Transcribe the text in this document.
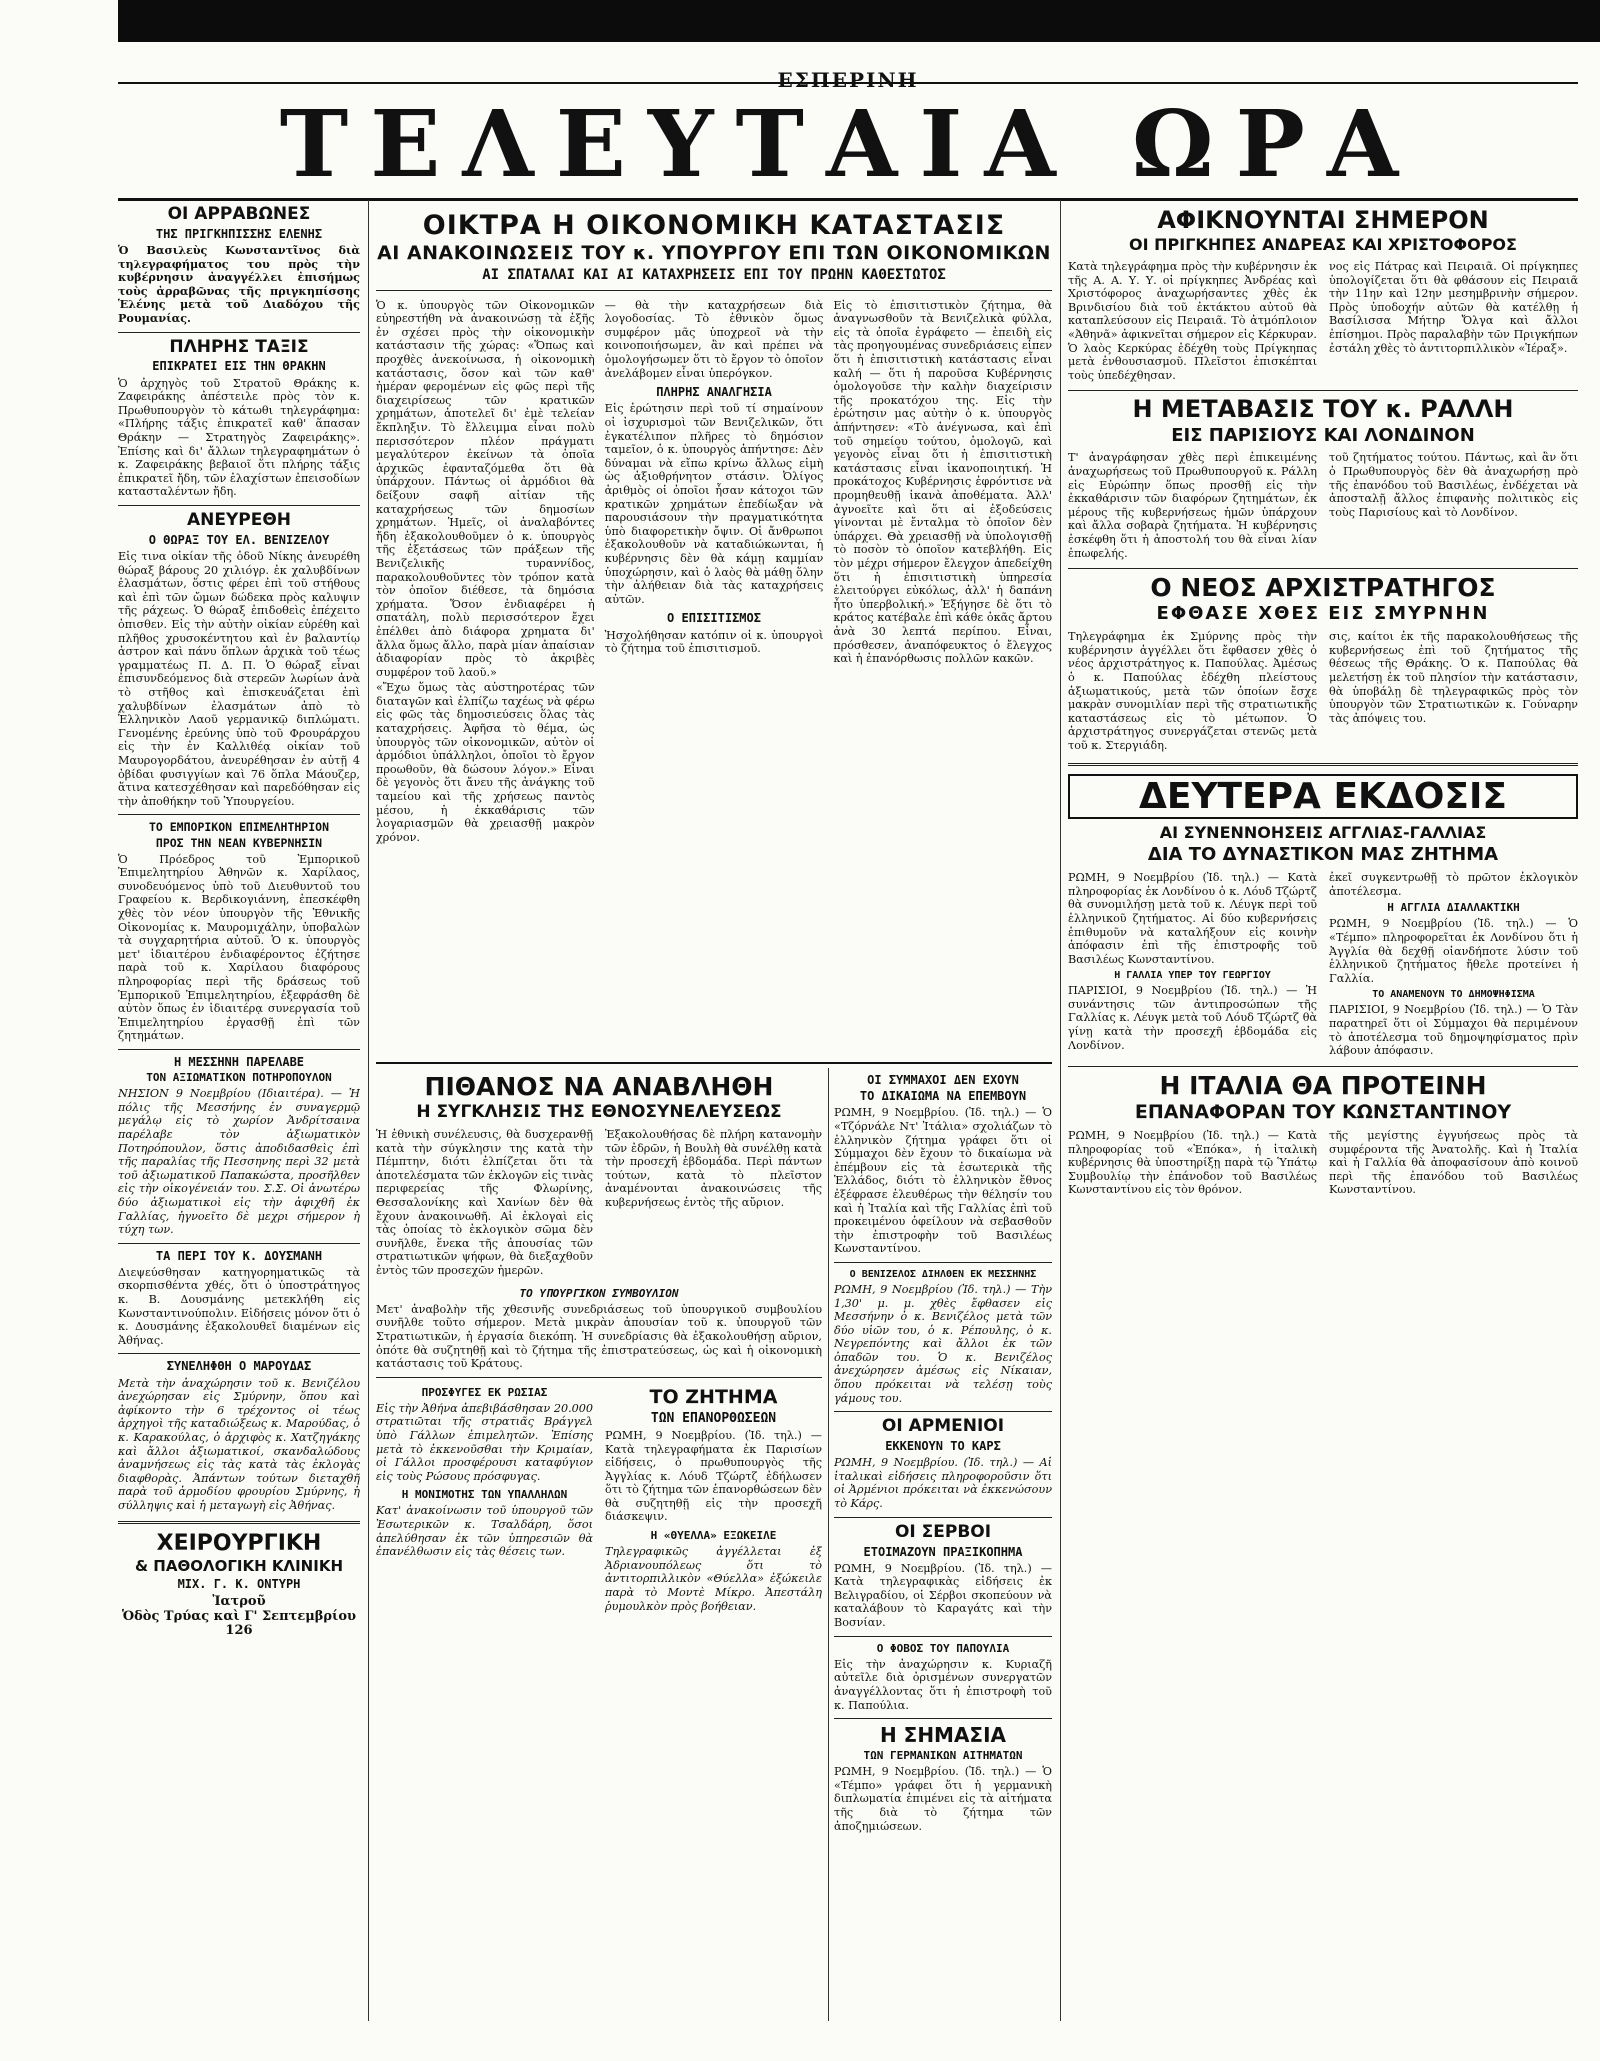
ΕΣΠΕΡΙΝΗ
ΤΕΛΕΥΤΑΙΑ ΩΡΑ
ΟΙ ΑΡΡΑΒΩΝΕΣ
ΤΗΣ ΠΡΙΓΚΗΠΙΣΣΗΣ ΕΛΕΝΗΣ
Ὁ Βασιλεὺς Κωνσταντῖνος διὰ τηλεγραφήματος του πρὸς τὴν κυβέρνησιν ἀναγγέλλει ἐπισήμως τοὺς ἀρραβῶνας τῆς πριγκηπίσσης Ἑλένης μετὰ τοῦ Διαδόχου τῆς Ρουμανίας.
ΠΛΗΡΗΣ ΤΑΞΙΣ
ΕΠΙΚΡΑΤΕΙ ΕΙΣ ΤΗΝ ΘΡΑΚΗΝ
Ὁ ἀρχηγὸς τοῦ Στρατοῦ Θράκης κ. Ζαφειράκης ἀπέστειλε πρὸς τὸν κ. Πρωθυπουργὸν τὸ κάτωθι τηλεγράφημα: «Πλήρης τάξις ἐπικρατεῖ καθ' ἅπασαν Θράκην — Στρατηγὸς Ζαφειράκης». Ἐπίσης καὶ δι' ἄλλων τηλεγραφημάτων ὁ κ. Ζαφειράκης βεβαιοῖ ὅτι πλήρης τάξις ἐπικρατεῖ ἤδη, τῶν ἐλαχίστων ἐπεισοδίων κατασταλέντων ἤδη.
ΑΝΕΥΡΕΘΗ
Ο ΘΩΡΑΞ ΤΟΥ ΕΛ. ΒΕΝΙΖΕΛΟΥ
Εἰς τινα οἰκίαν τῆς ὁδοῦ Νίκης ἀνευρέθη θώραξ βάρους 20 χιλιόγρ. ἐκ χαλυβδίνων ἐλασμάτων, ὅστις φέρει ἐπὶ τοῦ στήθους καὶ ἐπὶ τῶν ὤμων δώδεκα πρὸς καλυψιν τῆς ράχεως. Ὁ θώραξ ἐπιδοθεὶς ἐπέχειτο ὁπισθεν. Εἰς τὴν αὐτὴν οἰκίαν εὑρέθη καὶ πλῆθος χρυσοκέντητου καὶ ἐν βαλαντίῳ ἁστρον καὶ πάνυ ὅπλων ἀρχικὰ τοῦ τέως γραμματέως Π. Δ. Π. Ὁ θώραξ εἶναι ἐπισυνδεόμενος διὰ στερεῶν λωρίων ἀνὰ τὸ στῆθος καὶ ἐπισκευάζεται ἐπὶ χαλυβδίνων ἐλασμάτων ἀπὸ τὸ Ἑλληνικὸν Λαοῦ γερμανικῷ διπλώματι. Γενομένης ἐρεύνης ὑπὸ τοῦ Φρουράρχου εἰς τὴν ἐν Καλλιθέᾳ οἰκίαν τοῦ Μαυρογορδάτου, ἀνευρέθησαν ἐν αὐτῇ 4 ὀβίδαι φυσιγγίων καὶ 76 ὅπλα Μάουζερ, ἅτινα κατεσχέθησαν καὶ παρεδόθησαν εἰς τὴν ἀποθήκην τοῦ Ὑπουργείου.
ΤΟ ΕΜΠΟΡΙΚΟΝ ΕΠΙΜΕΛΗΤΗΡΙΟΝ
ΠΡΟΣ ΤΗΝ ΝΕΑΝ ΚΥΒΕΡΝΗΣΙΝ
Ὁ Πρόεδρος τοῦ Ἐμπορικοῦ Ἐπιμελητηρίου Ἀθηνῶν κ. Χαρίλαος, συνοδευόμενος ὑπὸ τοῦ Διευθυντοῦ του Γραφείου κ. Βερδικογιάννη, ἐπεσκέφθη χθὲς τὸν νέον ὑπουργὸν τῆς Ἐθνικῆς Οἰκονομίας κ. Μαυρομιχάλην, ὑποβαλὼν τὰ συγχαρητήρια αὐτοῦ. Ὁ κ. ὑπουργὸς μετ' ἰδιαιτέρου ἐνδιαφέροντος ἐζήτησε παρὰ τοῦ κ. Χαρίλαου διαφόρους πληροφορίας περὶ τῆς δράσεως τοῦ Ἐμπορικοῦ Ἐπιμελητηρίου, ἐξεφράσθη δὲ αὐτὸν ὅπως ἐν ἰδιαιτέρᾳ συνεργασία τοῦ Ἐπιμελητηρίου ἐργασθῇ ἐπὶ τῶν ζητημάτων.
Η ΜΕΣΣΗΝΗ ΠΑΡΕΛΑΒΕ
ΤΟΝ ΑΞΙΩΜΑΤΙΚΟΝ ΠΟΤΗΡΟΠΟΥΛΟΝ
ΝΗΣΙΟΝ 9 Νοεμβρίου (Ιδιαιτέρα). — Ἡ πόλις τῆς Μεσσήνης ἐν συναγερμῷ μεγάλῳ εἰς τὸ χωρίον Ἀνδρίτσαινα παρέλαβε τὸν ἀξιωματικὸν Ποτηρόπουλον, ὅστις ἀποδιδασθεὶς ἐπὶ τῆς παραλίας τῆς Πεσσηνης περὶ 32 μετὰ τοῦ ἀξιωματικοῦ Παπακώστα, προσῆλθεν εἰς τὴν οἰκογένειάν του. Σ.Σ. Οἱ ἀνωτέρω δύο ἀξιωματικοὶ εἰς τὴν ἀφιχθῆ ἐκ Γαλλίας, ἠγνοεῖτο δὲ μεχρι σήμερον ἡ τύχη των.
ΤΑ ΠΕΡΙ ΤΟΥ Κ. ΔΟΥΣΜΑΝΗ
Διεψεύσθησαν κατηγορηματικῶς τὰ σκορπισθέντα χθές, ὅτι ὁ ὑποστράτηγος κ. Β. Δουσμάνης μετεκλήθη εἰς Κωνσταντινούπολιν. Εἰδήσεις μόνον ὅτι ὁ κ. Δουσμάνης ἐξακολουθεῖ διαμένων εἰς Ἀθήνας.
ΣΥΝΕΛΗΦΘΗ Ο ΜΑΡΟΥΔΑΣ
Μετὰ τὴν ἀναχώρησιν τοῦ κ. Βενιζέλου ἀνεχώρησαν εἰς Σμύρνην, ὅπου καὶ ἀφίκοντο τὴν 6 τρέχοντος οἱ τέως ἀρχηγοὶ τῆς καταδιώξεως κ. Μαρούδας, ὁ κ. Καρακούλας, ὁ ἀρχιφὸς κ. Χατζηγάκης καὶ ἄλλοι ἀξιωματικοί, σκανδαλώδους ἀναμνήσεως εἰς τὰς κατὰ τὰς ἐκλογὰς διαφθορὰς. Ἀπάντων τούτων διεταχθῆ παρὰ τοῦ ἁρμοδίου φρουρίου Σμύρνης, ἡ σύλληψις καὶ ἡ μεταγωγὴ εἰς Ἀθήνας.
ΧΕΙΡΟΥΡΓΙΚΗ
& ΠΑΘΟΛΟΓΙΚΗ ΚΛΙΝΙΚΗ
ΜΙΧ. Γ. Κ. ΟΝΤΥΡΗ
Ἰατροῦ
Ὁδὸς Τρύας καὶ Γ' Σεπτεμβρίου 126
ΟΙΚΤΡΑ Η ΟΙΚΟΝΟΜΙΚΗ ΚΑΤΑΣΤΑΣΙΣ
ΑΙ ΑΝΑΚΟΙΝΩΣΕΙΣ ΤΟΥ κ. ΥΠΟΥΡΓΟΥ ΕΠΙ ΤΩΝ ΟΙΚΟΝΟΜΙΚΩΝ
ΑΙ ΣΠΑΤΑΛΑΙ ΚΑΙ ΑΙ ΚΑΤΑΧΡΗΣΕΙΣ ΕΠΙ ΤΟΥ ΠΡΩΗΝ ΚΑΘΕΣΤΩΤΟΣ
Ὁ κ. ὑπουργὸς τῶν Οἰκονομικῶν εὐηρεστήθη νὰ ἀνακοινώσῃ τὰ ἑξῆς ἐν σχέσει πρὸς τὴν οἰκονομικὴν κατάστασιν τῆς χώρας: «Ὅπως καὶ προχθὲς ἀνεκοίνωσα, ἡ οἰκονομικὴ κατάστασις, ὅσον καὶ τῶν καθ' ἡμέραν φερομένων εἰς φῶς περὶ τῆς διαχειρίσεως τῶν κρατικῶν χρημάτων, ἀποτελεῖ δι' ἐμὲ τελείαν ἔκπληξιν. Τὸ ἔλλειμμα εἶναι πολὺ περισσότερον πλέον πράγματι μεγαλύτερον ἐκείνων τὰ ὁποῖα ἀρχικῶς ἐφανταζόμεθα ὅτι θὰ ὑπάρχουν. Πάντως οἱ ἀρμόδιοι θὰ δείξουν σαφῆ αἰτίαν τῆς καταχρήσεως τῶν δημοσίων χρημάτων. Ἡμεῖς, οἱ ἀναλαβόντες ἤδη ἐξακολουθοῦμεν ὁ κ. ὑπουργὸς τῆς ἐξετάσεως τῶν πράξεων τῆς Βενιζελικῆς τυραννίδος, παρακολουθοῦντες τὸν τρόπον κατὰ τὸν ὁποῖον διέθεσε, τὰ δημόσια χρήματα. Ὅσον ἐνδιαφέρει ἡ σπατάλη, πολὺ περισσότερον ἔχει ἐπέλθει ἀπὸ διάφορα χρηματα δι' ἄλλα ὅμως ἄλλο, παρὰ μίαν ἀπαίσιαν ἀδιαφορίαν πρὸς τὸ ἀκριβὲς συμφέρον τοῦ λαοῦ.»
«Ἔχω ὅμως τὰς αὐστηροτέρας τῶν διαταγῶν καὶ ἐλπίζω ταχέως νὰ φέρω εἰς φῶς τὰς δημοσιεύσεις ὅλας τὰς καταχρήσεις. Ἀφῆσα τὸ θέμα, ὡς ὑπουργὸς τῶν οἰκονομικῶν, αὐτὸν οἱ ἀρμόδιοι ὑπάλληλοι, ὁποῖοι τὸ ἔργον προωθοῦν, θὰ δώσουν λόγον.» Εἶναι δὲ γεγονὸς ὅτι ἄνευ τῆς ἀνάγκης τοῦ ταμείου καὶ τῆς χρήσεως παντὸς μέσου, ἡ ἐκκαθάρισις τῶν λογαριασμῶν θὰ χρειασθῇ μακρὸν χρόνον.
— θὰ τὴν καταχρήσεων διὰ λογοδοσίας. Τὸ ἐθνικὸν ὅμως συμφέρον μᾶς ὑποχρεοῖ νὰ τὴν κοινοποιήσωμεν, ἂν καὶ πρέπει νὰ ὁμολογήσωμεν ὅτι τὸ ἔργον τὸ ὁποῖον ἀνελάβομεν εἶναι ὑπερόγκον.
ΠΛΗΡΗΣ ΑΝΑΛΓΗΣΙΑ
Εἰς ἐρώτησιν περὶ τοῦ τί σημαίνουν οἱ ἰσχυρισμοὶ τῶν Βενιζελικῶν, ὅτι ἐγκατέλιπον πλῆρες τὸ δημόσιον ταμεῖον, ὁ κ. ὑπουργὸς ἀπήντησε: Δὲν δύναμαι νὰ εἴπω κρίνω ἄλλως εἰμὴ ὡς ἀξιοθρήνητον στάσιν. Ὀλίγος ἀριθμὸς οἱ ὁποῖοι ἦσαν κάτοχοι τῶν κρατικῶν χρημάτων ἐπεδίωξαν νὰ παρουσιάσουν τὴν πραγματικότητα ὑπὸ διαφορετικὴν ὄψιν. Οἱ ἄνθρωποι ἐξακολουθοῦν νὰ καταδιώκωνται, ἡ κυβέρνησις δὲν θὰ κάμῃ καμμίαν ὑποχώρησιν, καὶ ὁ λαὸς θὰ μάθῃ ὅλην τὴν ἀλήθειαν διὰ τὰς καταχρήσεις αὐτῶν.
Ο ΕΠΙΣΙΤΙΣΜΟΣ
Ἠσχολήθησαν κατόπιν οἱ κ. ὑπουργοὶ τὸ ζήτημα τοῦ ἐπισιτισμοῦ.
Εἰς τὸ ἐπισιτιστικὸν ζήτημα, θὰ ἀναγνωσθοῦν τὰ Βενιζελικὰ φύλλα, εἰς τὰ ὁποῖα ἐγράφετο — ἐπειδὴ εἰς τὰς προηγουμένας συνεδριάσεις εἶπεν ὅτι ἡ ἐπισιτιστικὴ κατάστασις εἶναι καλή — ὅτι ἡ παροῦσα Κυβέρνησις ὁμολογοῦσε τὴν καλὴν διαχείρισιν τῆς προκατόχου της. Εἰς τὴν ἐρώτησιν μας αὐτὴν ὁ κ. ὑπουργὸς ἀπήντησεν: «Τὸ ἀνέγνωσα, καὶ ἐπὶ τοῦ σημείου τούτου, ὁμολογῶ, καὶ γεγονὸς εἶναι ὅτι ἡ ἐπισιτιστικὴ κατάστασις εἶναι ἱκανοποιητική. Ἡ προκάτοχος Κυβέρνησις ἐφρόντισε νὰ προμηθευθῇ ἱκανὰ ἀποθέματα. Ἀλλ' ἀγνοεῖτε καὶ ὅτι αἱ ἐξοδεύσεις γίνονται μὲ ἔνταλμα τὸ ὁποῖον δὲν ὑπάρχει. Θὰ χρειασθῇ νὰ ὑπολογισθῇ τὸ ποσὸν τὸ ὁποῖον κατεβλήθη. Εἰς τὸν μέχρι σήμερον ἔλεγχον ἀπεδείχθη ὅτι ἡ ἐπισιτιστικὴ ὑπηρεσία ἐλειτούργει εὐκόλως, ἀλλ' ἡ δαπάνη ἦτο ὑπερβολική.» Ἐξήγησε δὲ ὅτι τὸ κράτος κατέβαλε ἐπὶ κάθε ὀκᾶς ἄρτου ἀνὰ 30 λεπτά περίπου. Εἶναι, πρόσθεσεν, ἀναπόφευκτος ὁ ἔλεγχος καὶ ἡ ἐπανόρθωσις πολλῶν κακῶν.
ΠΙΘΑΝΟΣ ΝΑ ΑΝΑΒΛΗΘΗ
Η ΣΥΓΚΛΗΣΙΣ ΤΗΣ ΕΘΝΟΣΥΝΕΛΕΥΣΕΩΣ
Ἡ ἐθνικὴ συνέλευσις, θὰ δυσχερανθῇ κατὰ τὴν σύγκλησιν της κατὰ τὴν Πέμπτην, διότι ἐλπίζεται ὅτι τὰ ἀποτελέσματα τῶν ἐκλογῶν εἰς τινὰς περιφερείας τῆς Φλωρίνης, Θεσσαλονίκης καὶ Χανίων δὲν θὰ ἔχουν ἀνακοινωθῆ. Αἱ ἐκλογαὶ εἰς τὰς ὁποίας τὸ ἐκλογικὸν σῶμα δὲν συνῆλθε, ἕνεκα τῆς ἀπουσίας τῶν στρατιωτικῶν ψήφων, θὰ διεξαχθοῦν ἐντὸς τῶν προσεχῶν ἡμερῶν.
Ἐξακολουθήσας δὲ πλήρη κατανομὴν τῶν ἐδρῶν, ἡ Βουλὴ θὰ συνέλθῃ κατὰ τὴν προσεχῆ ἑβδομάδα. Περὶ πάντων τούτων, κατὰ τὸ πλεῖστον ἀναμένονται ἀνακοινώσεις τῆς κυβερνήσεως ἐντὸς τῆς αὔριον.
ΤΟ ΥΠΟΥΡΓΙΚΟΝ ΣΥΜΒΟΥΛΙΟΝ
Μετ' ἀναβολὴν τῆς χθεσινῆς συνεδριάσεως τοῦ ὑπουργικοῦ συμβουλίου συνῆλθε τοῦτο σήμερον. Μετὰ μικρὰν ἀπουσίαν τοῦ κ. ὑπουργοῦ τῶν Στρατιωτικῶν, ἡ ἐργασία διεκόπη. Ἡ συνεδρίασις θὰ ἐξακολουθήσῃ αὔριον, ὁπότε θὰ συζητηθῇ καὶ τὸ ζήτημα τῆς ἐπιστρατεύσεως, ὡς καὶ ἡ οἰκονομικὴ κατάστασις τοῦ Κράτους.
ΠΡΟΣΦΥΓΕΣ ΕΚ ΡΩΣΙΑΣ
Εἰς τὴν Ἀθήνα ἀπεβιβάσθησαν 20.000 στρατιῶται τῆς στρατιᾶς Βράγγελ ὑπὸ Γάλλων ἐπιμελητῶν. Ἐπίσης μετὰ τὸ ἐκκενοῦσθαι τὴν Κριμαίαν, οἱ Γάλλοι προσφέρουσι καταφύγιον εἰς τοὺς Ρώσους πρόσφυγας.
Η ΜΟΝΙΜΟΤΗΣ ΤΩΝ ΥΠΑΛΛΗΛΩΝ
Κατ' ἀνακοίνωσιν τοῦ ὑπουργοῦ τῶν Ἐσωτερικῶν κ. Τσαλδάρη, ὅσοι ἀπελύθησαν ἐκ τῶν ὑπηρεσιῶν θὰ ἐπανέλθωσιν εἰς τὰς θέσεις των.
ΤΟ ΖΗΤΗΜΑ
ΤΩΝ ΕΠΑΝΟΡΘΩΣΕΩΝ
ΡΩΜΗ, 9 Νοεμβρίου. (Ἰδ. τηλ.) — Κατὰ τηλεγραφήματα ἐκ Παρισίων εἰδήσεις, ὁ πρωθυπουργὸς τῆς Ἀγγλίας κ. Λόυδ Τζώρτζ ἐδήλωσεν ὅτι τὸ ζήτημα τῶν ἐπανορθώσεων δὲν θὰ συζητηθῇ εἰς τὴν προσεχῆ διάσκεψιν.
Η «ΘΥΕΛΛΑ» ΕΞΩΚΕΙΛΕ
Τηλεγραφικῶς ἀγγέλλεται ἐξ Ἀδριανουπόλεως ὅτι τὸ ἀντιτορπιλλικὸν «Θύελλα» ἐξώκειλε παρὰ τὸ Μοντὲ Μίκρο. Ἀπεστάλη ῥυμουλκὸν πρὸς βοήθειαν.
ΟΙ ΣΥΜΜΑΧΟΙ ΔΕΝ ΕΧΟΥΝ
ΤΟ ΔΙΚΑΙΩΜΑ ΝΑ ΕΠΕΜΒΟΥΝ
ΡΩΜΗ, 9 Νοεμβρίου. (Ἰδ. τηλ.) — Ὁ «Τζόρνάλε Ντ' Ἰτάλια» σχολιάζων τὸ ἑλληνικὸν ζήτημα γράφει ὅτι οἱ Σύμμαχοι δὲν ἔχουν τὸ δικαίωμα νὰ ἐπέμβουν εἰς τὰ ἐσωτερικὰ τῆς Ἑλλάδος, διότι τὸ ἑλληνικὸν ἔθνος ἐξέφρασε ἐλευθέρως τὴν θέλησίν του καὶ ἡ Ἰταλία καὶ τῆς Γαλλίας ἐπὶ τοῦ προκειμένου ὀφείλουν νὰ σεβασθοῦν τὴν ἐπιστροφὴν τοῦ Βασιλέως Κωνσταντίνου.
Ο ΒΕΝΙΖΕΛΟΣ ΔΙΗΛΘΕΝ ΕΚ ΜΕΣΣΗΝΗΣ
ΡΩΜΗ, 9 Νοεμβρίου (Ἰδ. τηλ.) — Τὴν 1,30' μ. μ. χθὲς ἔφθασεν εἰς Μεσσήνην ὁ κ. Βενιζέλος μετὰ τῶν δύο υἱῶν του, ὁ κ. Ρέπουλης, ὁ κ. Νεγρεπόντης καὶ ἄλλοι ἐκ τῶν ὀπαδῶν του. Ὁ κ. Βενιζέλος ἀνεχώρησεν ἀμέσως εἰς Νίκαιαν, ὅπου πρόκειται νὰ τελέσῃ τοὺς γάμους του.
ΟΙ ΑΡΜΕΝΙΟΙ
ΕΚΚΕΝΟΥΝ ΤΟ ΚΑΡΣ
ΡΩΜΗ, 9 Νοεμβρίου. (Ἰδ. τηλ.) — Αἱ ἰταλικαὶ εἰδήσεις πληροφοροῦσιν ὅτι οἱ Ἀρμένιοι πρόκειται νὰ ἐκκενώσουν τὸ Κάρς.
ΟΙ ΣΕΡΒΟΙ
ΕΤΟΙΜΑΖΟΥΝ ΠΡΑΞΙΚΟΠΗΜΑ
ΡΩΜΗ, 9 Νοεμβρίου. (Ἰδ. τηλ.) — Κατὰ τηλεγραφικὰς εἰδήσεις ἐκ Βελιγραδίου, οἱ Σέρβοι σκοπεύουν νὰ καταλάβουν τὸ Καραγάτς καὶ τὴν Βοσνίαν.
Ο ΦΟΒΟΣ ΤΟΥ ΠΑΠΟΥΛΙΑ
Εἰς τὴν ἀναχώρησιν κ. Κυριαζῆ αὐτεῖλε διὰ ὀρισμένων συνεργατῶν ἀναγγέλλοντας ὅτι ἡ ἐπιστροφὴ τοῦ κ. Παπούλια.
Η ΣΗΜΑΣΙΑ
ΤΩΝ ΓΕΡΜΑΝΙΚΩΝ ΑΙΤΗΜΑΤΩΝ
ΡΩΜΗ, 9 Νοεμβρίου. (Ἰδ. τηλ.) — Ὁ «Τέμπο» γράφει ὅτι ἡ γερμανικὴ διπλωματία ἐπιμένει εἰς τὰ αἰτήματα τῆς διὰ τὸ ζήτημα τῶν ἀποζημιώσεων.
ΑΦΙΚΝΟΥΝΤΑΙ ΣΗΜΕΡΟΝ
ΟΙ ΠΡΙΓΚΗΠΕΣ ΑΝΔΡΕΑΣ ΚΑΙ ΧΡΙΣΤΟΦΟΡΟΣ
Κατὰ τηλεγράφημα πρὸς τὴν κυβέρνησιν ἐκ τῆς Α. Α. Υ. Υ. οἱ πρίγκηπες Ἀνδρέας καὶ Χριστόφορος ἀναχωρήσαντες χθὲς ἐκ Βρινδισίου διὰ τοῦ ἐκτάκτου αὐτοῦ θὰ καταπλεύσουν εἰς Πειραιᾶ. Τὸ ἀτμόπλοιον «Ἀθηνᾶ» ἀφικνεῖται σήμερον εἰς Κέρκυραν. Ὁ λαὸς Κερκύρας ἐδέχθη τοὺς Πρίγκηπας μετὰ ἐνθουσιασμοῦ. Πλεῖστοι ἐπισκέπται τοὺς ὑπεδέχθησαν.
νος εἰς Πάτρας καὶ Πειραιᾶ. Οἱ πρίγκηπες ὑπολογίζεται ὅτι θὰ φθάσουν εἰς Πειραιᾶ τὴν 11ην καὶ 12ην μεσημβρινὴν σήμερον. Πρὸς ὑποδοχήν αὐτῶν θὰ κατέλθῃ ἡ Βασίλισσα Μήτηρ Ὄλγα καὶ ἄλλοι ἐπίσημοι. Πρὸς παραλαβὴν τῶν Πριγκήπων ἐστάλη χθὲς τὸ ἀντιτορπιλλικὸν «Ἱέραξ».
Η ΜΕΤΑΒΑΣΙΣ ΤΟΥ κ. ΡΑΛΛΗ
ΕΙΣ ΠΑΡΙΣΙΟΥΣ ΚΑΙ ΛΟΝΔΙΝΟΝ
Τ' ἀναγράφησαν χθὲς περὶ ἐπικειμένης ἀναχωρήσεως τοῦ Πρωθυπουργοῦ κ. Ράλλη εἰς Εὐρώπην ὅπως προσθῇ εἰς τὴν ἐκκαθάρισιν τῶν διαφόρων ζητημάτων, ἐκ μέρους τῆς κυβερνήσεως ἡμῶν ὑπάρχουν καὶ ἄλλα σοβαρὰ ζητήματα. Ἡ κυβέρνησις ἐσκέφθη ὅτι ἡ ἀποστολή του θὰ εἶναι λίαν ἐπωφελής.
τοῦ ζητήματος τούτου. Πάντως, καὶ ἂν ὅτι ὁ Πρωθυπουργὸς δὲν θὰ ἀναχωρήσῃ πρὸ τῆς ἐπανόδου τοῦ Βασιλέως, ἐνδέχεται νὰ ἀποσταλῇ ἄλλος ἐπιφανὴς πολιτικὸς εἰς τοὺς Παρισίους καὶ τὸ Λονδίνον.
Ο ΝΕΟΣ ΑΡΧΙΣΤΡΑΤΗΓΟΣ
ΕΦΘΑΣΕ ΧΘΕΣ ΕΙΣ ΣΜΥΡΝΗΝ
Τηλεγράφημα ἐκ Σμύρνης πρὸς τὴν κυβέρνησιν ἀγγέλλει ὅτι ἔφθασεν χθὲς ὁ νέος ἀρχιστράτηγος κ. Παπούλας. Ἀμέσως ὁ κ. Παπούλας ἐδέχθη πλείστους ἀξιωματικούς, μετὰ τῶν ὁποίων ἔσχε μακρὰν συνομιλίαν περὶ τῆς στρατιωτικῆς καταστάσεως εἰς τὸ μέτωπον. Ὁ ἀρχιστράτηγος συνεργάζεται στενῶς μετὰ τοῦ κ. Στεργιάδη.
σις, καίτοι ἐκ τῆς παρακολουθήσεως τῆς κυβερνήσεως ἐπὶ τοῦ ζητήματος τῆς θέσεως τῆς Θράκης. Ὁ κ. Παπούλας θὰ μελετήσῃ ἐκ τοῦ πλησίον τὴν κατάστασιν, θὰ ὑποβάλῃ δὲ τηλεγραφικῶς πρὸς τὸν ὑπουργὸν τῶν Στρατιωτικῶν κ. Γούναρην τὰς ἀπόψεις του.
ΔΕΥΤΕΡΑ ΕΚΔΟΣΙΣ
ΑΙ ΣΥΝΕΝΝΟΗΣΕΙΣ ΑΓΓΛΙΑΣ-ΓΑΛΛΙΑΣ
ΔΙΑ ΤΟ ΔΥΝΑΣΤΙΚΟΝ ΜΑΣ ΖΗΤΗΜΑ
ΡΩΜΗ, 9 Νοεμβρίου (Ἰδ. τηλ.) — Κατὰ πληροφορίας ἐκ Λονδίνου ὁ κ. Λόυδ Τζώρτζ θὰ συνομιλήσῃ μετὰ τοῦ κ. Λέυγκ περὶ τοῦ ἑλληνικοῦ ζητήματος. Αἱ δύο κυβερνήσεις ἐπιθυμοῦν νὰ καταλήξουν εἰς κοινὴν ἀπόφασιν ἐπὶ τῆς ἐπιστροφῆς τοῦ Βασιλέως Κωνσταντίνου.
Η ΓΑΛΛΙΑ ΥΠΕΡ ΤΟΥ ΓΕΩΡΓΙΟΥ
ΠΑΡΙΣΙΟΙ, 9 Νοεμβρίου (Ἰδ. τηλ.) — Ἡ συνάντησις τῶν ἀντιπροσώπων τῆς Γαλλίας κ. Λέυγκ μετὰ τοῦ Λόυδ Τζώρτζ θὰ γίνῃ κατὰ τὴν προσεχῆ ἑβδομάδα εἰς Λονδίνον.
ἐκεῖ συγκεντρωθῇ τὸ πρῶτον ἐκλογικὸν ἀποτέλεσμα.
Η ΑΓΓΛΙΑ ΔΙΑΛΛΑΚΤΙΚΗ
ΡΩΜΗ, 9 Νοεμβρίου (Ἰδ. τηλ.) — Ὁ «Τέμπο» πληροφορεῖται ἐκ Λονδίνου ὅτι ἡ Ἀγγλία θὰ δεχθῇ οἱανδήποτε λύσιν τοῦ ἑλληνικοῦ ζητήματος ἤθελε προτείνει ἡ Γαλλία.
ΤΟ ΑΝΑΜΕΝΟΥΝ ΤΟ ΔΗΜΟΨΗΦΙΣΜΑ
ΠΑΡΙΣΙΟΙ, 9 Νοεμβρίου (Ἰδ. τηλ.) — Ὁ Τὰν παρατηρεῖ ὅτι οἱ Σύμμαχοι θὰ περιμένουν τὸ ἀποτέλεσμα τοῦ δημοψηφίσματος πρὶν λάβουν ἀπόφασιν.
Η ΙΤΑΛΙΑ ΘΑ ΠΡΟΤΕΙΝΗ
ΕΠΑΝΑΦΟΡΑΝ ΤΟΥ ΚΩΝΣΤΑΝΤΙΝΟΥ
ΡΩΜΗ, 9 Νοεμβρίου (Ἰδ. τηλ.) — Κατὰ πληροφορίας τοῦ «Ἐπόκα», ἡ ἰταλικὴ κυβέρνησις θὰ ὑποστηρίξῃ παρὰ τῷ Ὑπάτῳ Συμβουλίῳ τὴν ἐπάνοδον τοῦ Βασιλέως Κωνσταντίνου εἰς τὸν θρόνον.
τῆς μεγίστης ἐγγυήσεως πρὸς τὰ συμφέροντα τῆς Ἀνατολῆς. Καὶ ἡ Ἰταλία καὶ ἡ Γαλλία θὰ ἀποφασίσουν ἀπὸ κοινοῦ περὶ τῆς ἐπανόδου τοῦ Βασιλέως Κωνσταντίνου.
